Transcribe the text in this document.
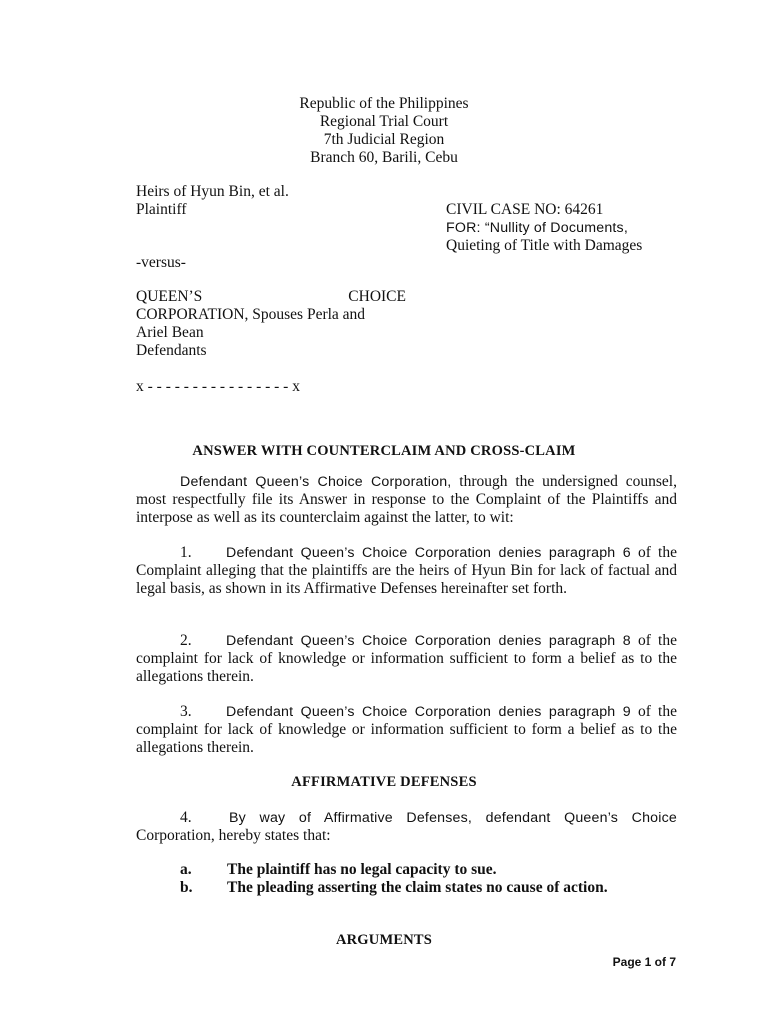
Republic of the Philippines
Regional Trial Court
7th Judicial Region
Branch 60, Barili, Cebu
Heirs of Hyun Bin, et al.
Plaintiff	CIVIL CASE NO: 64261
FOR: “Nullity of Documents,
Quieting of Title with Damages
-versus-
QUEEN’S	CHOICE
CORPORATION, Spouses Perla and
Ariel Bean
Defendants
x - - - - - - - - - - - - - - - - x
ANSWER WITH COUNTERCLAIM AND CROSS-CLAIM

Defendant Queen’s Choice Corporation, through the undersigned counsel, most respectfully file its Answer in response to the Complaint of the Plaintiffs and interpose as well as its counterclaim against the latter, to wit:

1. Defendant Queen’s Choice Corporation denies paragraph 6 of the Complaint alleging that the plaintiffs are the heirs of Hyun Bin for lack of factual and legal basis, as shown in its Affirmative Defenses hereinafter set forth.

2. Defendant Queen’s Choice Corporation denies paragraph 8 of the complaint for lack of knowledge or information sufficient to form a belief as to the allegations therein.

3. Defendant Queen’s Choice Corporation denies paragraph 9 of the complaint for lack of knowledge or information sufficient to form a belief as to the allegations therein.

AFFIRMATIVE DEFENSES

4.	By way of Affirmative Defenses, defendant Queen’s Choice Corporation, hereby states that:

a.	The plaintiff has no legal capacity to sue.
b.	The pleading asserting the claim states no cause of action.
ARGUMENTS
Page 1 of 7
